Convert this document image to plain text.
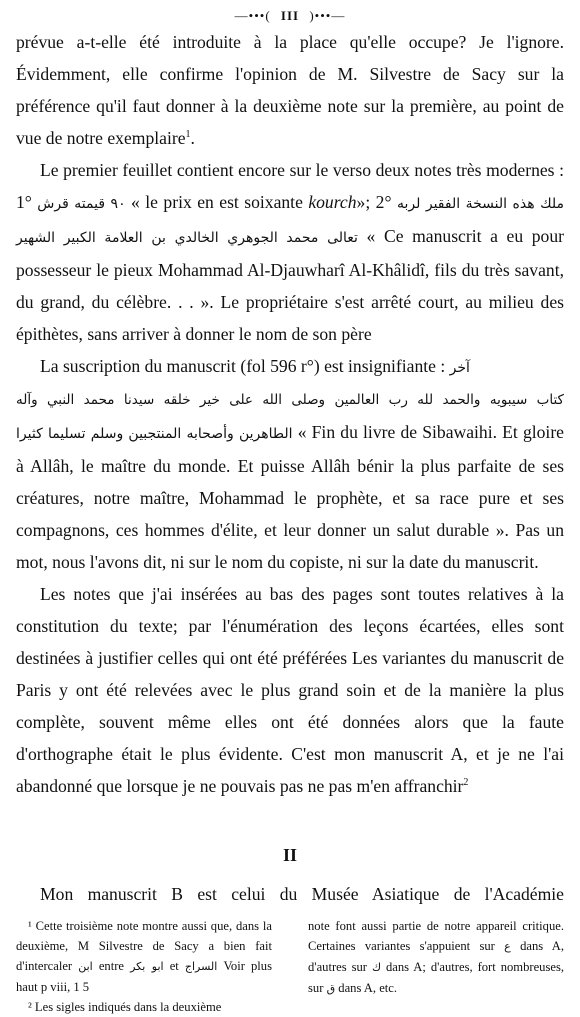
—•••( III )•••—

prévue a-t-elle été introduite à la place qu'elle occupe? Je l'ignore. Évidemment, elle confirme l'opinion de M. Silvestre de Sacy sur la préférence qu'il faut donner à la deuxième note sur la première, au point de vue de notre exemplaire$^1$.

Le premier feuillet contient encore sur le verso deux notes très modernes : 1° ٩٠ قيمته قرش « le prix en est soixante kourch»; 2° ملك هذه النسخة الفقير لربه تعالى محمد الجوهري الخالدي بن العلامة الكبير الشهير « Ce manuscrit a eu pour possesseur le pieux Mohammad Al-Djauwharî Al-Khâlidî, fils du très savant, du grand, du célèbre. . . ». Le propriétaire s'est arrêté court, au milieu des épithètes, sans arriver à donner le nom de son père

La suscription du manuscrit (fol 596 r°) est insignifiante : آخر

كتاب سيبويه والحمد لله رب العالمين وصلى الله على خير خلقه سيدنا محمد النبي وآله

الطاهرين وأصحابه المنتجبين وسلم تسليما كثيرا « Fin du livre de Sibawaihi. Et gloire à Allâh, le maître du monde. Et puisse Allâh bénir la plus parfaite de ses créatures, notre maître, Mohammad le prophète, et sa race pure et ses compagnons, ces hommes d'élite, et leur donner un salut durable ». Pas un mot, nous l'avons dit, ni sur le nom du copiste, ni sur la date du manuscrit.

Les notes que j'ai insérées au bas des pages sont toutes relatives à la constitution du texte; par l'énumération des leçons écartées, elles sont destinées à justifier celles qui ont été préférées Les variantes du manuscrit de Paris y ont été relevées avec le plus grand soin et de la manière la plus complète, souvent même elles ont été données alors que la faute d'orthographe était le plus évidente. C'est mon manuscrit A, et je ne l'ai abandonné que lorsque je ne pouvais pas ne pas m'en affranchir$^2$

II

Mon manuscrit B est celui du Musée Asiatique de l'Académie

¹ Cette troisième note montre aussi que, dans la deuxième, M Silvestre de Sacy a bien fait d'intercaler ابن entre ابو بكر et السراج Voir plus haut p viii, 1 5

² Les sigles indiqués dans la deuxième

note font aussi partie de notre appareil critique. Certaines variantes s'appuient sur ع dans A, d'autres sur ك dans A; d'autres, fort nombreuses, sur ق dans A, etc.
